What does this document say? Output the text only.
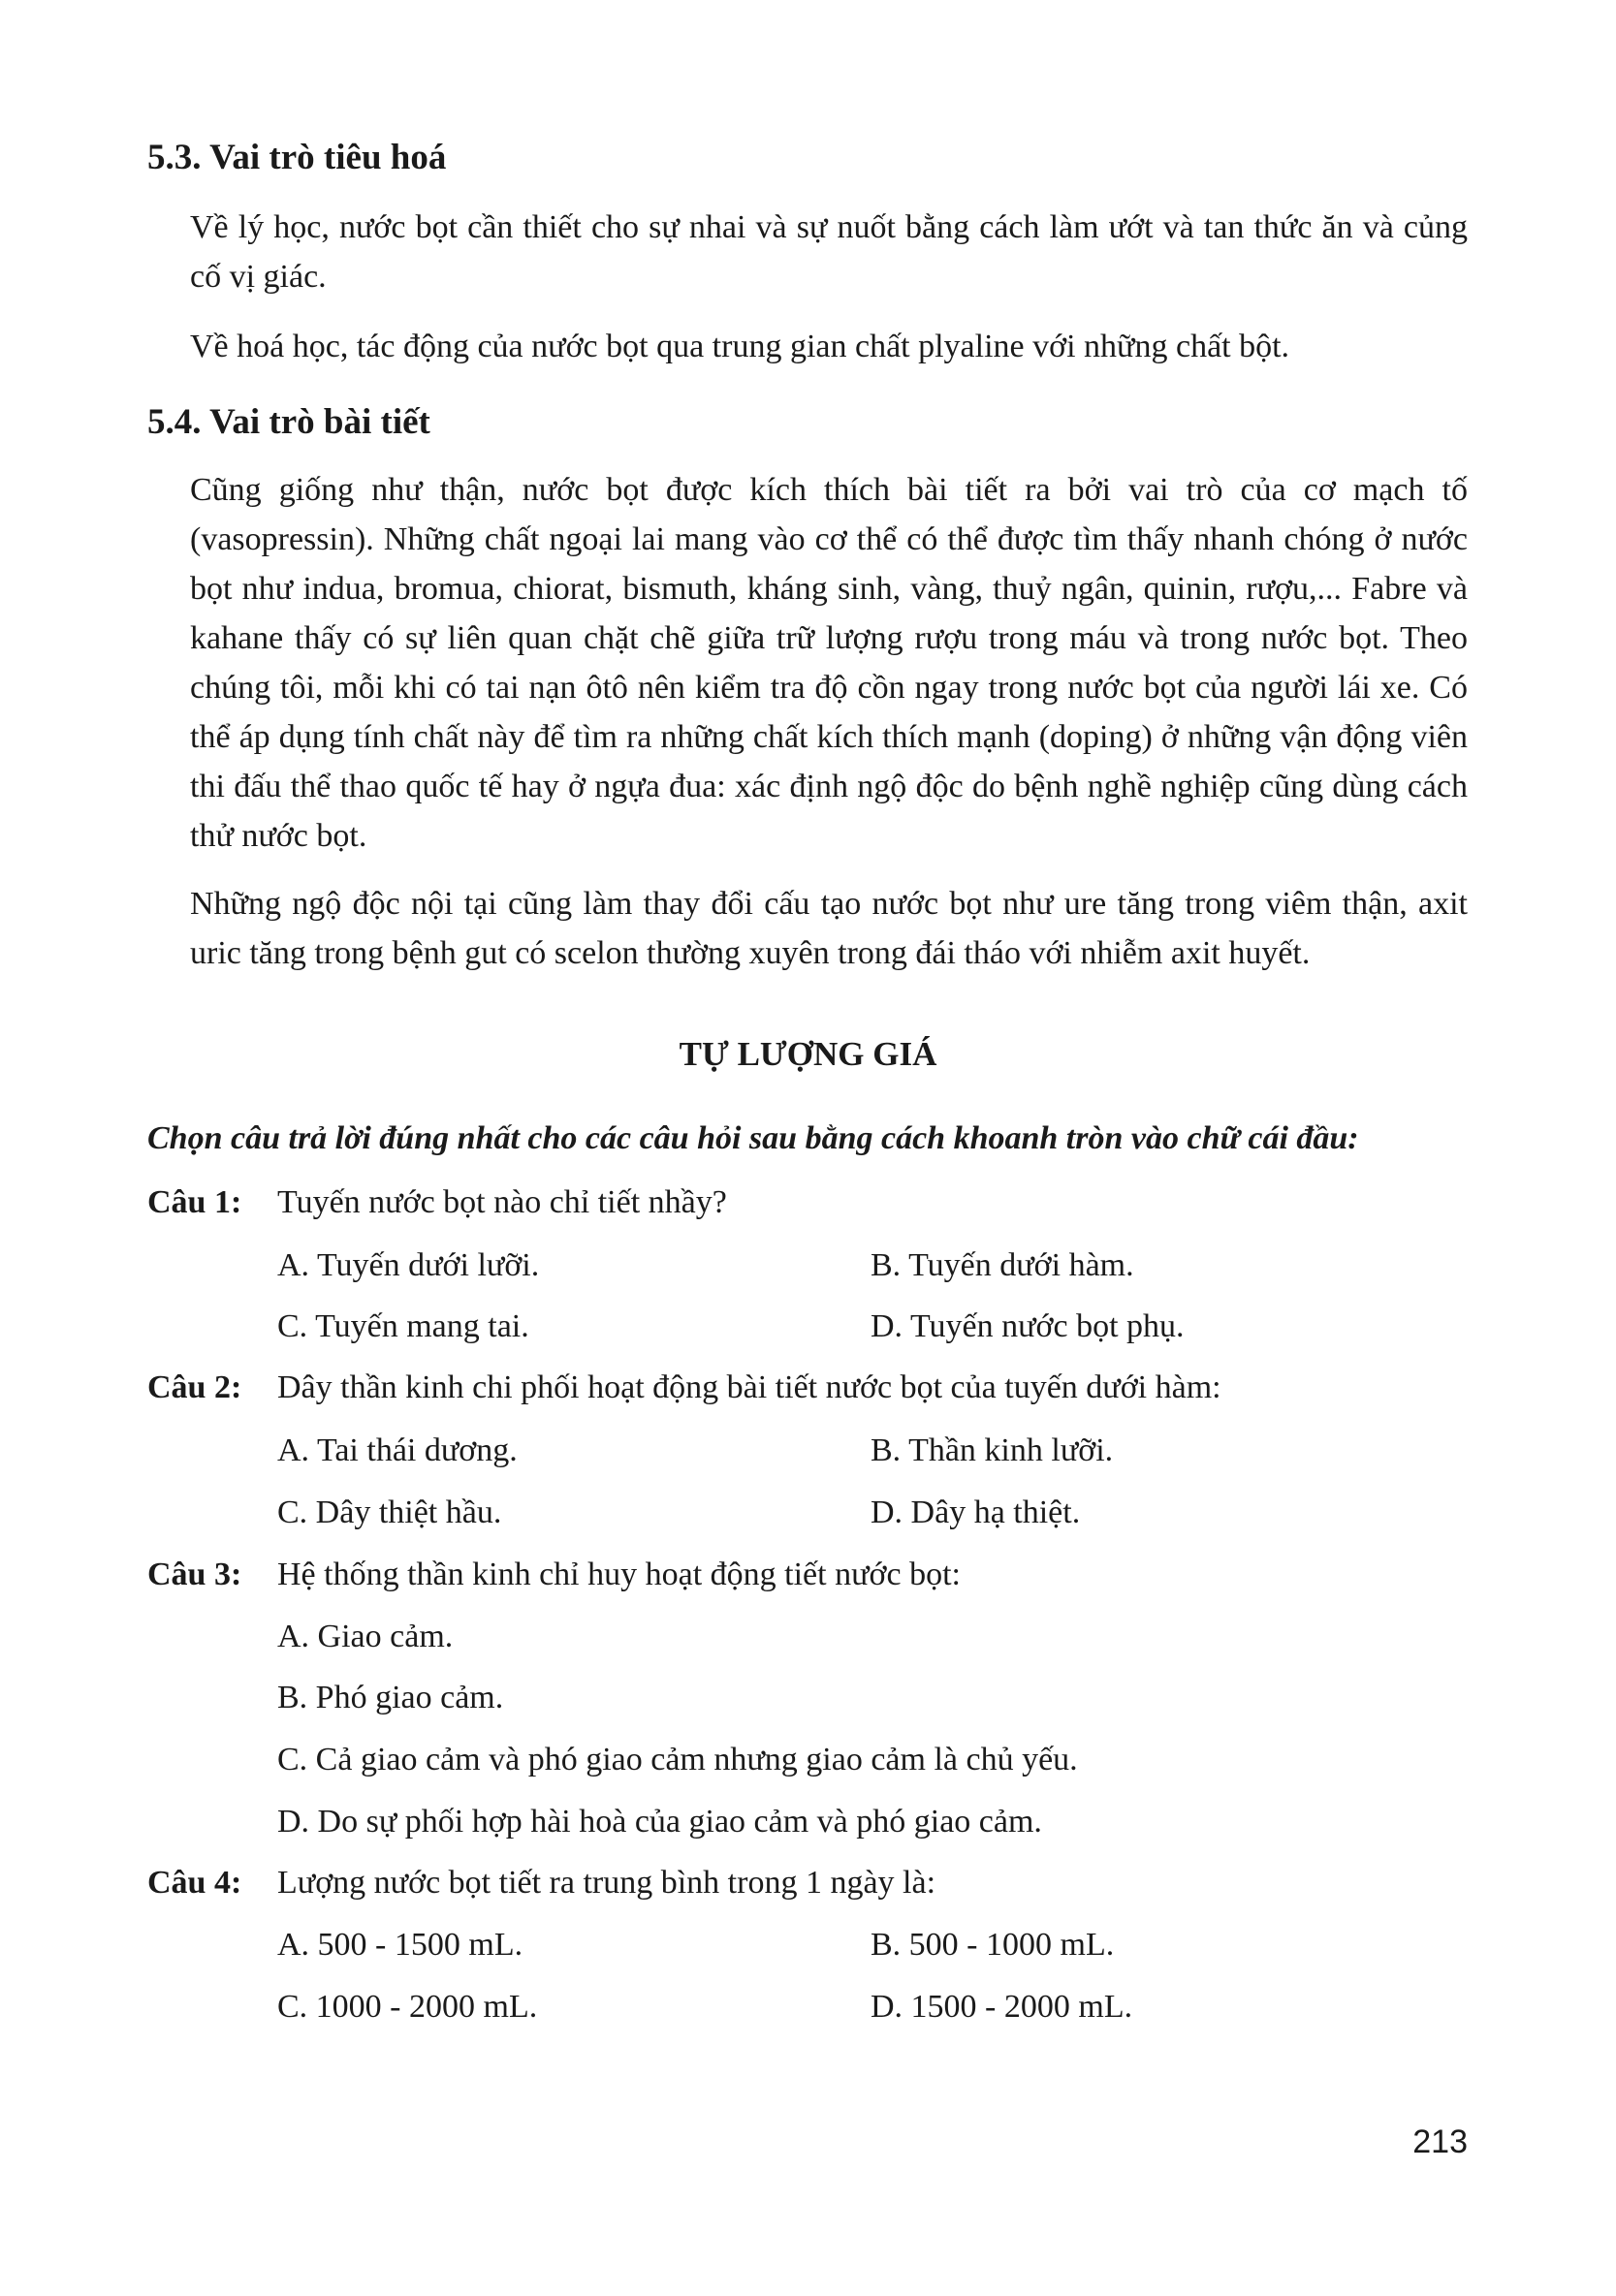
5.3. Vai trò tiêu hoá

Về lý học, nước bọt cần thiết cho sự nhai và sự nuốt bằng cách làm ướt và tan thức ăn và củng cố vị giác.

Về hoá học, tác động của nước bọt qua trung gian chất plyaline với những chất bột.

5.4. Vai trò bài tiết

Cũng giống như thận, nước bọt được kích thích bài tiết ra bởi vai trò của cơ mạch tố (vasopressin). Những chất ngoại lai mang vào cơ thể có thể được tìm thấy nhanh chóng ở nước bọt như indua, bromua, chiorat, bismuth, kháng sinh, vàng, thuỷ ngân, quinin, rượu,... Fabre và kahane thấy có sự liên quan chặt chẽ giữa trữ lượng rượu trong máu và trong nước bọt. Theo chúng tôi, mỗi khi có tai nạn ôtô nên kiểm tra độ cồn ngay trong nước bọt của người lái xe. Có thể áp dụng tính chất này để tìm ra những chất kích thích mạnh (doping) ở những vận động viên thi đấu thể thao quốc tế hay ở ngựa đua: xác định ngộ độc do bệnh nghề nghiệp cũng dùng cách thử nước bọt.

Những ngộ độc nội tại cũng làm thay đổi cấu tạo nước bọt như ure tăng trong viêm thận, axit uric tăng trong bệnh gut có scelon thường xuyên trong đái tháo với nhiễm axit huyết.

TỰ LƯỢNG GIÁ

Chọn câu trả lời đúng nhất cho các câu hỏi sau bằng cách khoanh tròn vào chữ cái đầu:

Câu 1: Tuyến nước bọt nào chỉ tiết nhầy?
A. Tuyến dưới lưỡi.	B. Tuyến dưới hàm.
C. Tuyến mang tai.	D. Tuyến nước bọt phụ.
Câu 2: Dây thần kinh chi phối hoạt động bài tiết nước bọt của tuyến dưới hàm:
A. Tai thái dương.	B. Thần kinh lưỡi.
C. Dây thiệt hầu.	D. Dây hạ thiệt.
Câu 3: Hệ thống thần kinh chỉ huy hoạt động tiết nước bọt:
A. Giao cảm.
B. Phó giao cảm.
C. Cả giao cảm và phó giao cảm nhưng giao cảm là chủ yếu.
D. Do sự phối hợp hài hoà của giao cảm và phó giao cảm.
Câu 4: Lượng nước bọt tiết ra trung bình trong 1 ngày là:
A. 500 - 1500 mL.	B. 500 - 1000 mL.
C. 1000 - 2000 mL.	D. 1500 - 2000 mL.
213
